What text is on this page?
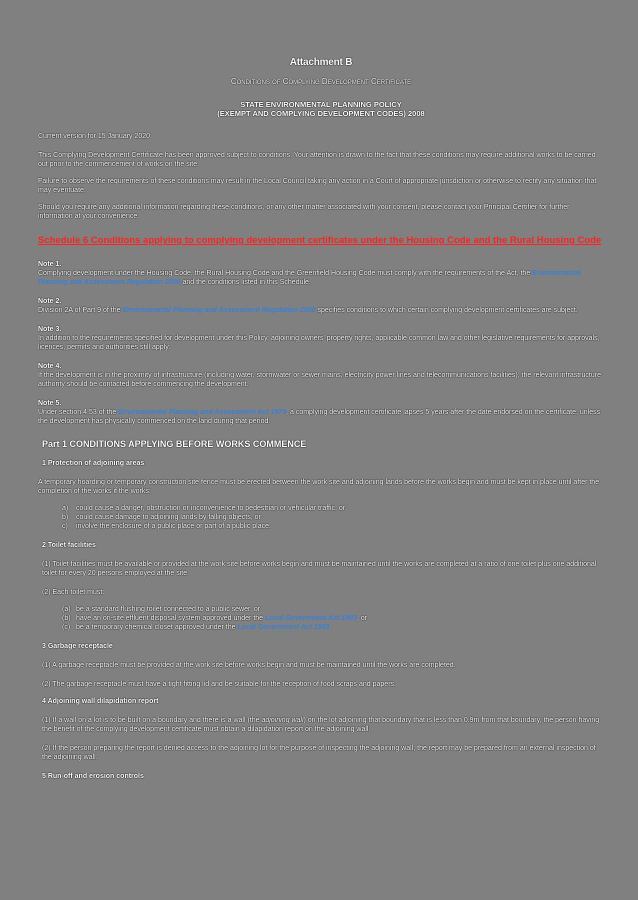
Attachment B
Conditions of Complying Development Certificate
STATE ENVIRONMENTAL PLANNING POLICY
(EXEMPT AND COMPLYING DEVELOPMENT CODES) 2008

Current version for 15 January 2020

This Complying Development Certificate has been approved subject to conditions. Your attention is drawn to the fact that these conditions may require additional works to be carried out prior to the commencement of works on the site.

Failure to observe the requirements of these conditions may result in the Local Council taking any action in a Court of appropriate jurisdiction or otherwise to rectify any situation that may eventuate.

Should you require any additional information regarding these conditions, or any other matter associated with your consent, please contact your Principal Certifier for further information at your convenience.

Schedule 6 Conditions applying to complying development certificates under the Housing Code and the Rural Housing Code
Note 1.

Complying development under the Housing Code, the Rural Housing Code and the Greenfield Housing Code must comply with the requirements of the Act, the Environmental Planning and Assessment Regulation 2000 and the conditions listed in this Schedule.

Note 2.

Division 2A of Part 9 of the Environmental Planning and Assessment Regulation 2000 specifies conditions to which certain complying development certificates are subject.

Note 3.

In addition to the requirements specified for development under this Policy, adjoining owners' property rights, applicable common law and other legislative requirements for approvals, licences, permits and authorities still apply.

Note 4.

If the development is in the proximity of infrastructure (including water, stormwater or sewer mains, electricity power lines and telecommunications facilities), the relevant infrastructure authority should be contacted before commencing the development.

Note 5.

Under section 4.53 of the Environmental Planning and Assessment Act 1979, a complying development certificate lapses 5 years after the date endorsed on the certificate, unless the development has physically commenced on the land during that period.

Part 1 CONDITIONS APPLYING BEFORE WORKS COMMENCE
1 Protection of adjoining areas

A temporary hoarding or temporary construction site fence must be erected between the work site and adjoining lands before the works begin and must be kept in place until after the completion of the works if the works:

a)	could cause a danger, obstruction or inconvenience to pedestrian or vehicular traffic, or
b)	could cause damage to adjoining lands by falling objects, or
c)	involve the enclosure of a public place or part of a public place.
2 Toilet facilities

(1) Toilet facilities must be available or provided at the work site before works begin and must be maintained until the works are completed at a ratio of one toilet plus one additional toilet for every 20 persons employed at the site.

(2) Each toilet must:

(a) be a standard flushing toilet connected to a public sewer, or
(b) have an on-site effluent disposal system approved under the Local Government Act 1993, or
(c) be a temporary chemical closet approved under the Local Government Act 1993.
3 Garbage receptacle

(1) A garbage receptacle must be provided at the work site before works begin and must be maintained until the works are completed.

(2) The garbage receptacle must have a tight fitting lid and be suitable for the reception of food scraps and papers.

4 Adjoining wall dilapidation report

(1) If a wall on a lot is to be built on a boundary and there is a wall (the adjoining wall) on the lot adjoining that boundary that is less than 0.9m from that boundary, the person having the benefit of the complying development certificate must obtain a dilapidation report on the adjoining wall.

(2) If the person preparing the report is denied access to the adjoining lot for the purpose of inspecting the adjoining wall, the report may be prepared from an external inspection of the adjoining wall.

5 Run-off and erosion controls
